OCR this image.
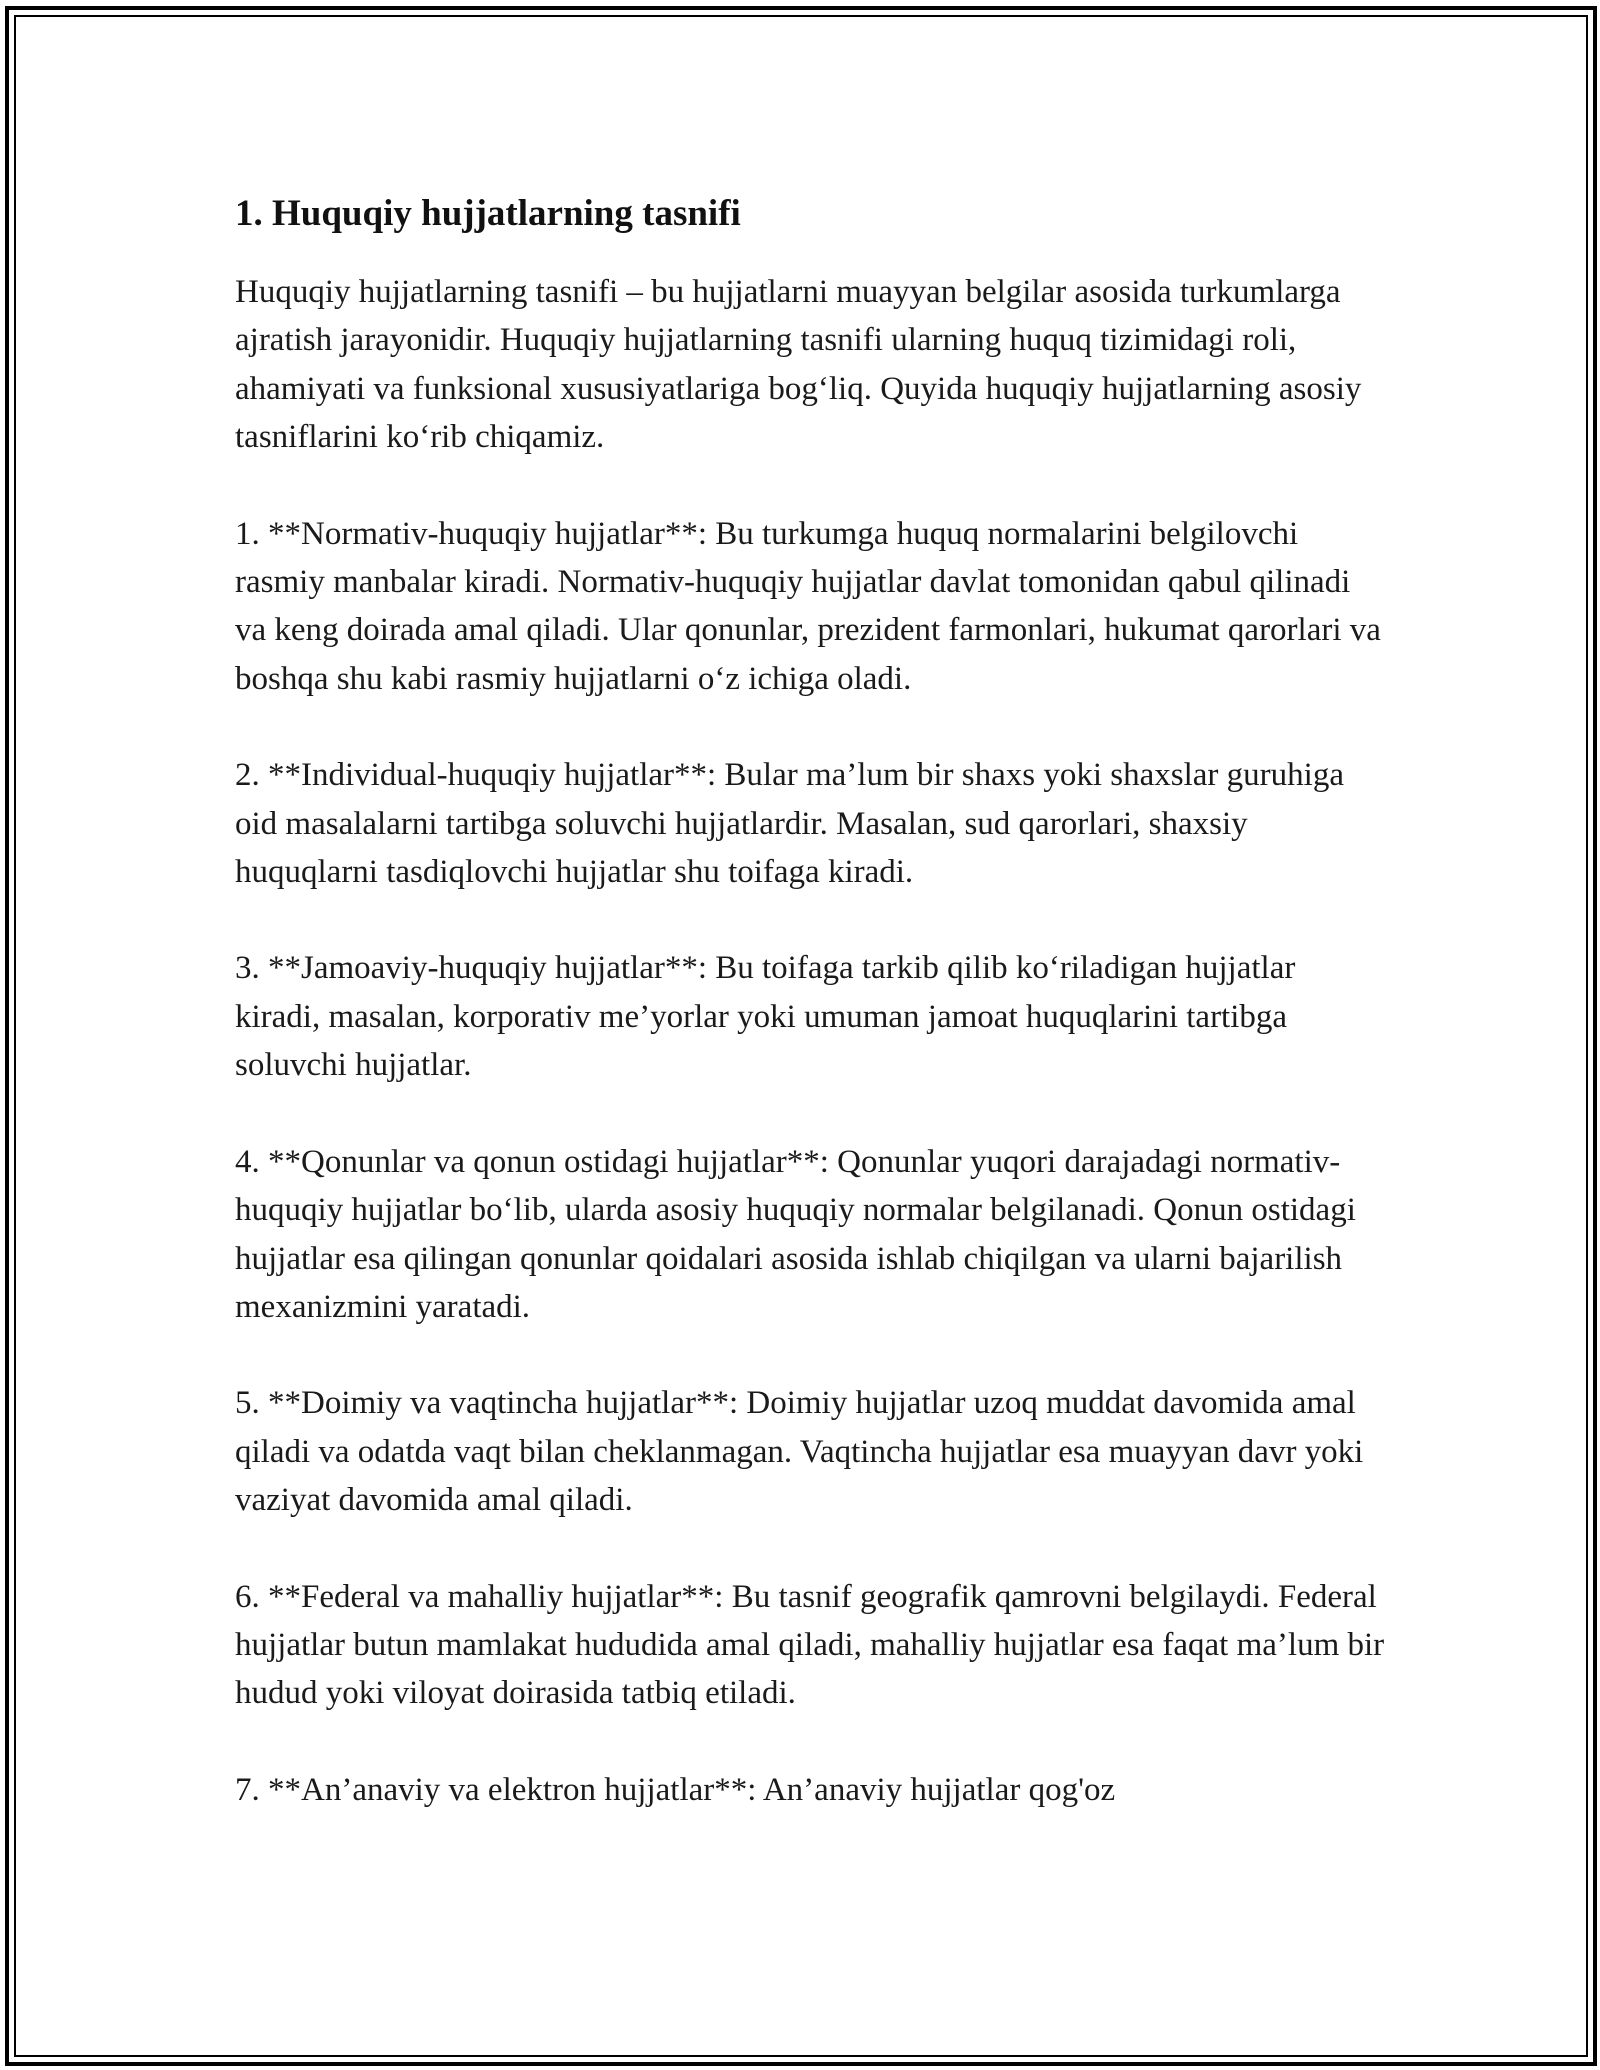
1. Huquqiy hujjatlarning tasnifi

Huquqiy hujjatlarning tasnifi – bu hujjatlarni muayyan belgilar asosida turkumlarga ajratish jarayonidir. Huquqiy hujjatlarning tasnifi ularning huquq tizimidagi roli, ahamiyati va funksional xususiyatlariga bog‘liq. Quyida huquqiy hujjatlarning asosiy tasniflarini ko‘rib chiqamiz.

1. **Normativ-huquqiy hujjatlar**: Bu turkumga huquq normalarini belgilovchi rasmiy manbalar kiradi. Normativ-huquqiy hujjatlar davlat tomonidan qabul qilinadi va keng doirada amal qiladi. Ular qonunlar, prezident farmonlari, hukumat qarorlari va boshqa shu kabi rasmiy hujjatlarni o‘z ichiga oladi.

2. **Individual-huquqiy hujjatlar**: Bular ma’lum bir shaxs yoki shaxslar guruhiga oid masalalarni tartibga soluvchi hujjatlardir. Masalan, sud qarorlari, shaxsiy huquqlarni tasdiqlovchi hujjatlar shu toifaga kiradi.

3. **Jamoaviy-huquqiy hujjatlar**: Bu toifaga tarkib qilib ko‘riladigan hujjatlar kiradi, masalan, korporativ me’yorlar yoki umuman jamoat huquqlarini tartibga soluvchi hujjatlar.

4. **Qonunlar va qonun ostidagi hujjatlar**: Qonunlar yuqori darajadagi normativ-huquqiy hujjatlar bo‘lib, ularda asosiy huquqiy normalar belgilanadi. Qonun ostidagi hujjatlar esa qilingan qonunlar qoidalari asosida ishlab chiqilgan va ularni bajarilish mexanizmini yaratadi.

5. **Doimiy va vaqtincha hujjatlar**: Doimiy hujjatlar uzoq muddat davomida amal qiladi va odatda vaqt bilan cheklanmagan. Vaqtincha hujjatlar esa muayyan davr yoki vaziyat davomida amal qiladi.

6. **Federal va mahalliy hujjatlar**: Bu tasnif geografik qamrovni belgilaydi. Federal hujjatlar butun mamlakat hududida amal qiladi, mahalliy hujjatlar esa faqat ma’lum bir hudud yoki viloyat doirasida tatbiq etiladi.

7. **An’anaviy va elektron hujjatlar**: An’anaviy hujjatlar qog'oz
